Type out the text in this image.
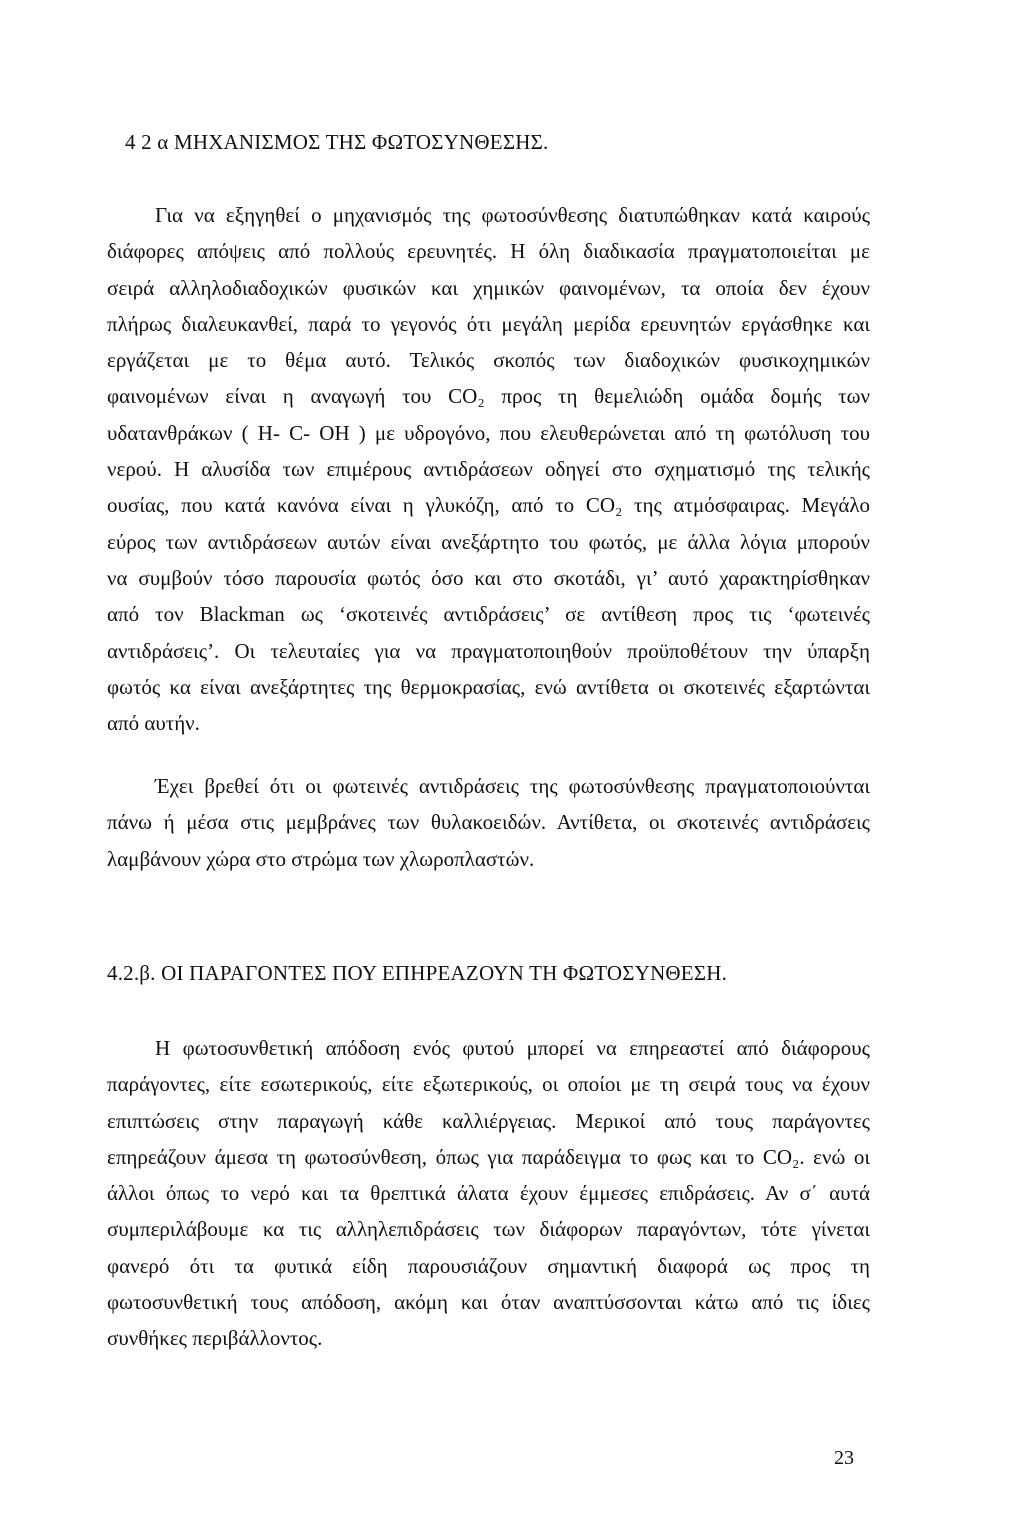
4 2 α ΜΗΧΑΝΙΣΜΟΣ ΤΗΣ ΦΩΤΟΣΥΝΘΕΣΗΣ.
Για να εξηγηθεί ο μηχανισμός της φωτοσύνθεσης διατυπώθηκαν κατά καιρούς
διάφορες απόψεις από πολλούς ερευνητές. Η όλη διαδικασία πραγματοποιείται με
σειρά αλληλοδιαδοχικών φυσικών και χημικών φαινομένων, τα οποία δεν έχουν
πλήρως διαλευκανθεί, παρά το γεγονός ότι μεγάλη μερίδα ερευνητών εργάσθηκε και
εργάζεται με το θέμα αυτό. Τελικός σκοπός των διαδοχικών φυσικοχημικών
φαινομένων είναι η αναγωγή του CO₂ προς τη θεμελιώδη ομάδα δομής των
υδατανθράκων ( Η- C- ΟΗ ) με υδρογόνο, που ελευθερώνεται από τη φωτόλυση του
νερού. Η αλυσίδα των επιμέρους αντιδράσεων οδηγεί στο σχηματισμό της τελικής
ουσίας, που κατά κανόνα είναι η γλυκόζη, από το CO₂ της ατμόσφαιρας. Μεγάλο
εύρος των αντιδράσεων αυτών είναι ανεξάρτητο του φωτός, με άλλα λόγια μπορούν
να συμβούν τόσο παρουσία φωτός όσο και στο σκοτάδι, γι’ αυτό χαρακτηρίσθηκαν
από τον Blackman ως ‘σκοτεινές αντιδράσεις’ σε αντίθεση προς τις ‘φωτεινές
αντιδράσεις’. Οι τελευταίες για να πραγματοποιηθούν προϋποθέτουν την ύπαρξη
φωτός κα είναι ανεξάρτητες της θερμοκρασίας, ενώ αντίθετα οι σκοτεινές εξαρτώνται
από αυτήν.
Έχει βρεθεί ότι οι φωτεινές αντιδράσεις της φωτοσύνθεσης πραγματοποιούνται
πάνω ή μέσα στις μεμβράνες των θυλακοειδών. Αντίθετα, οι σκοτεινές αντιδράσεις
λαμβάνουν χώρα στο στρώμα των χλωροπλαστών.
4.2.β. ΟΙ ΠΑΡΑΓΟΝΤΕΣ ΠΟΥ ΕΠΗΡΕΑΖΟΥΝ ΤΗ ΦΩΤΟΣΥΝΘΕΣΗ.
Η φωτοσυνθετική απόδοση ενός φυτού μπορεί να επηρεαστεί από διάφορους
παράγοντες, είτε εσωτερικούς, είτε εξωτερικούς, οι οποίοι με τη σειρά τους να έχουν
επιπτώσεις στην παραγωγή κάθε καλλιέργειας. Μερικοί από τους παράγοντες
επηρεάζουν άμεσα τη φωτοσύνθεση, όπως για παράδειγμα το φως και το CO₂. ενώ οι
άλλοι όπως το νερό και τα θρεπτικά άλατα έχουν έμμεσες επιδράσεις. Αν σ΄ αυτά
συμπεριλάβουμε κα τις αλληλεπιδράσεις των διάφορων παραγόντων, τότε γίνεται
φανερό ότι τα φυτικά είδη παρουσιάζουν σημαντική διαφορά ως προς τη
φωτοσυνθετική τους απόδοση, ακόμη και όταν αναπτύσσονται κάτω από τις ίδιες
συνθήκες περιβάλλοντος.

23
